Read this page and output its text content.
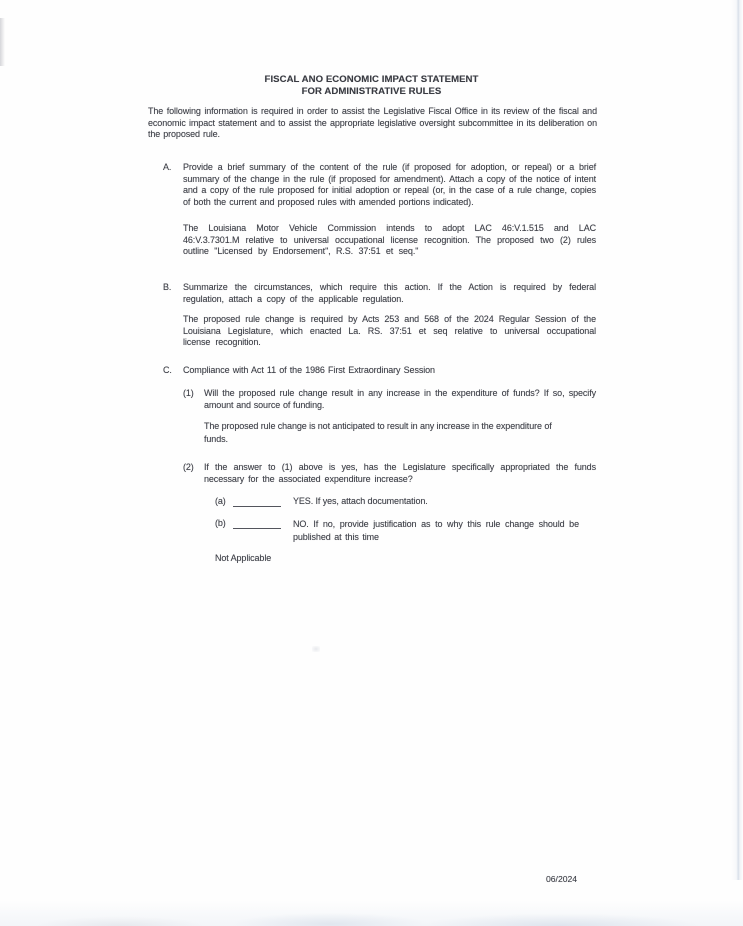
FISCAL ANO ECONOMIC IMPACT STATEMENT
FOR ADMINISTRATIVE RULES
The following information is required in order to assist the Legislative Fiscal Office in its review of the fiscal and economic impact statement and to assist the appropriate legislative oversight subcommittee in its deliberation on the proposed rule.
A. Provide a brief summary of the content of the rule (if proposed for adoption, or repeal) or a brief summary of the change in the rule (if proposed for amendment). Attach a copy of the notice of intent and a copy of the rule proposed for initial adoption or repeal (or, in the case of a rule change, copies of both the current and proposed rules with amended portions indicated).
The Louisiana Motor Vehicle Commission intends to adopt LAC 46:V.1.515 and LAC 46:V.3.7301.M relative to universal occupational license recognition. The proposed two (2) rules outline "Licensed by Endorsement", R.S. 37:51 et seq."
B. Summarize the circumstances, which require this action. If the Action is required by federal regulation, attach a copy of the applicable regulation.
The proposed rule change is required by Acts 253 and 568 of the 2024 Regular Session of the Louisiana Legislature, which enacted La. RS. 37:51 et seq relative to universal occupational license recognition.
C. Compliance with Act 11 of the 1986 First Extraordinary Session
(1) Will the proposed rule change result in any increase in the expenditure of funds? If so, specify amount and source of funding.
The proposed rule change is not anticipated to result in any increase in the expenditure of funds.
(2) If the answer to (1) above is yes, has the Legislature specifically appropriated the funds necessary for the associated expenditure increase?
(a)	YES. If yes, attach documentation.
(b)	NO. If no, provide justification as to why this rule change should be published at this time
Not Applicable
06/2024
